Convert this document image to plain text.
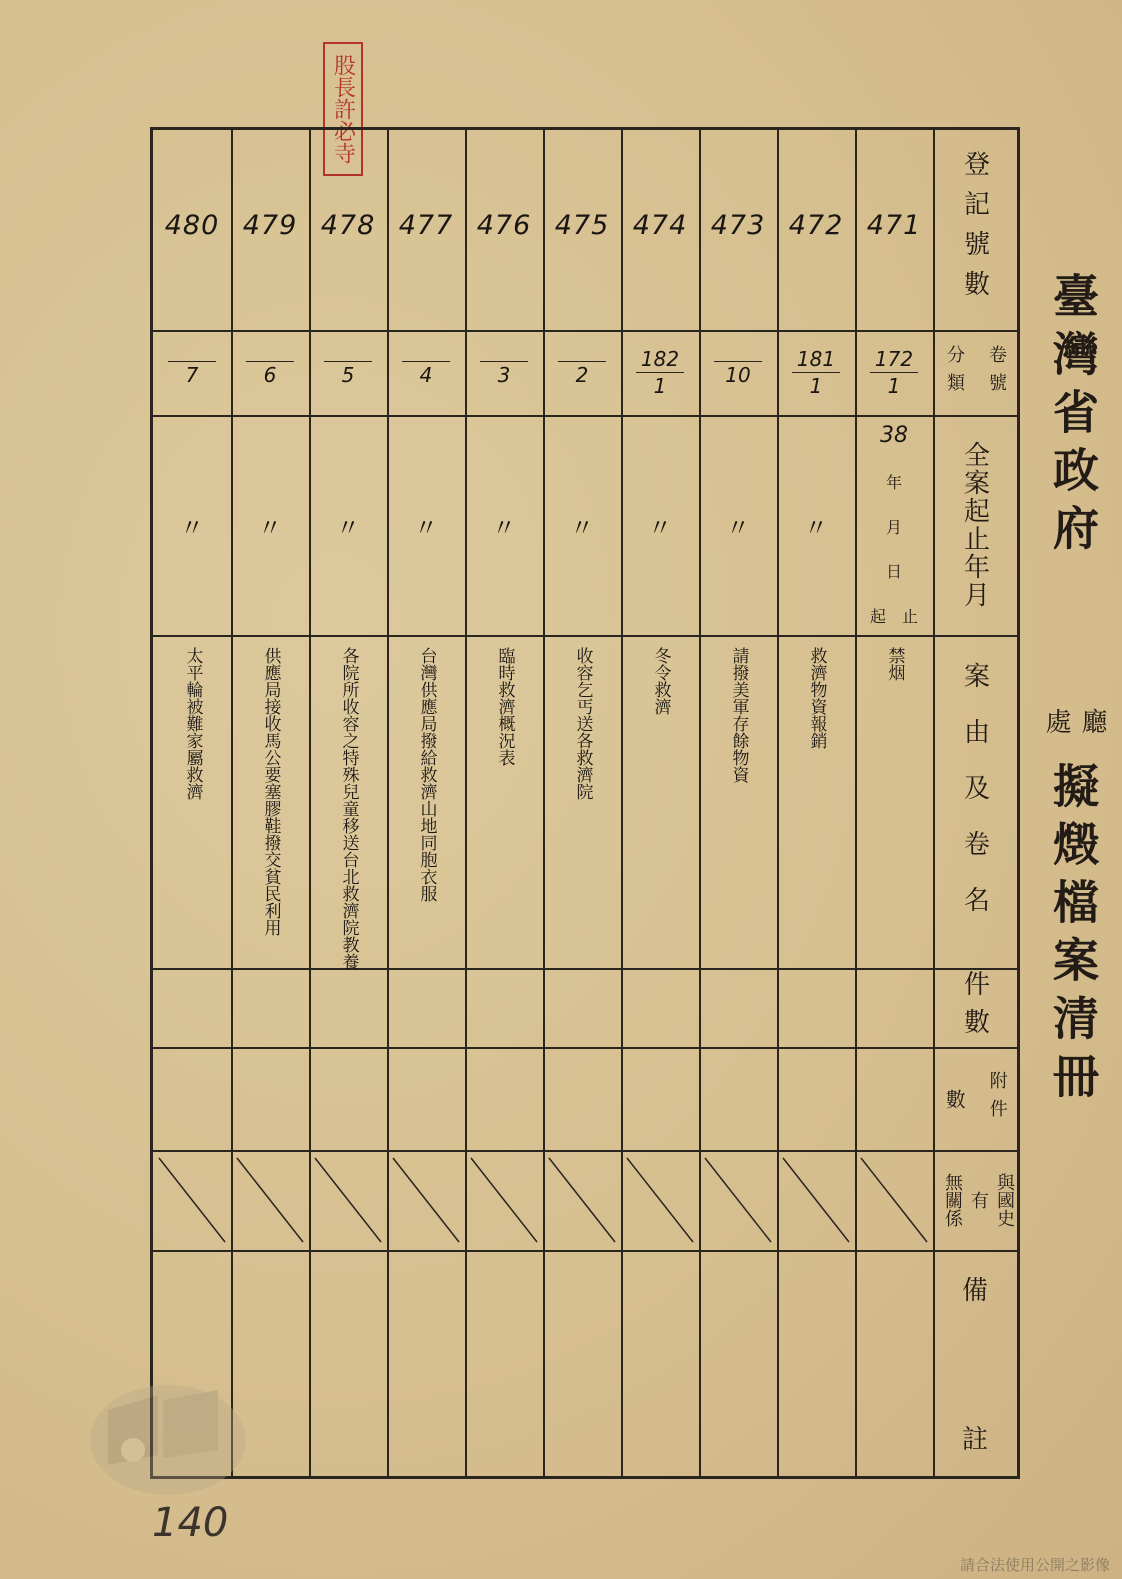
股長許必寺
臺灣省政府
處 廳
擬燬檔案清冊
登記號數
卷號
分類
全案起止年月
案由及卷名
件數
數 附件
無關係 有 與國史
備
註
471
$\frac{172}{1}$
38
年
月
日
起 止
禁烟
472
$\frac{181}{1}$
〃
救濟物資報銷
473
10
〃
請撥美軍存餘物資
474
$\frac{182}{1}$
〃
冬令救濟
475
2
〃
收容乞丐送各救濟院
476
3
〃
臨時救濟概況表
477
4
〃
台灣供應局撥給救濟山地同胞衣服
478
5
〃
各院所收容之特殊兒童移送台北救濟院教養
479
6
〃
供應局接收馬公要塞膠鞋撥交貧民利用
480
7
〃
太平輪被難家屬救濟
140
請合法使用公開之影像
